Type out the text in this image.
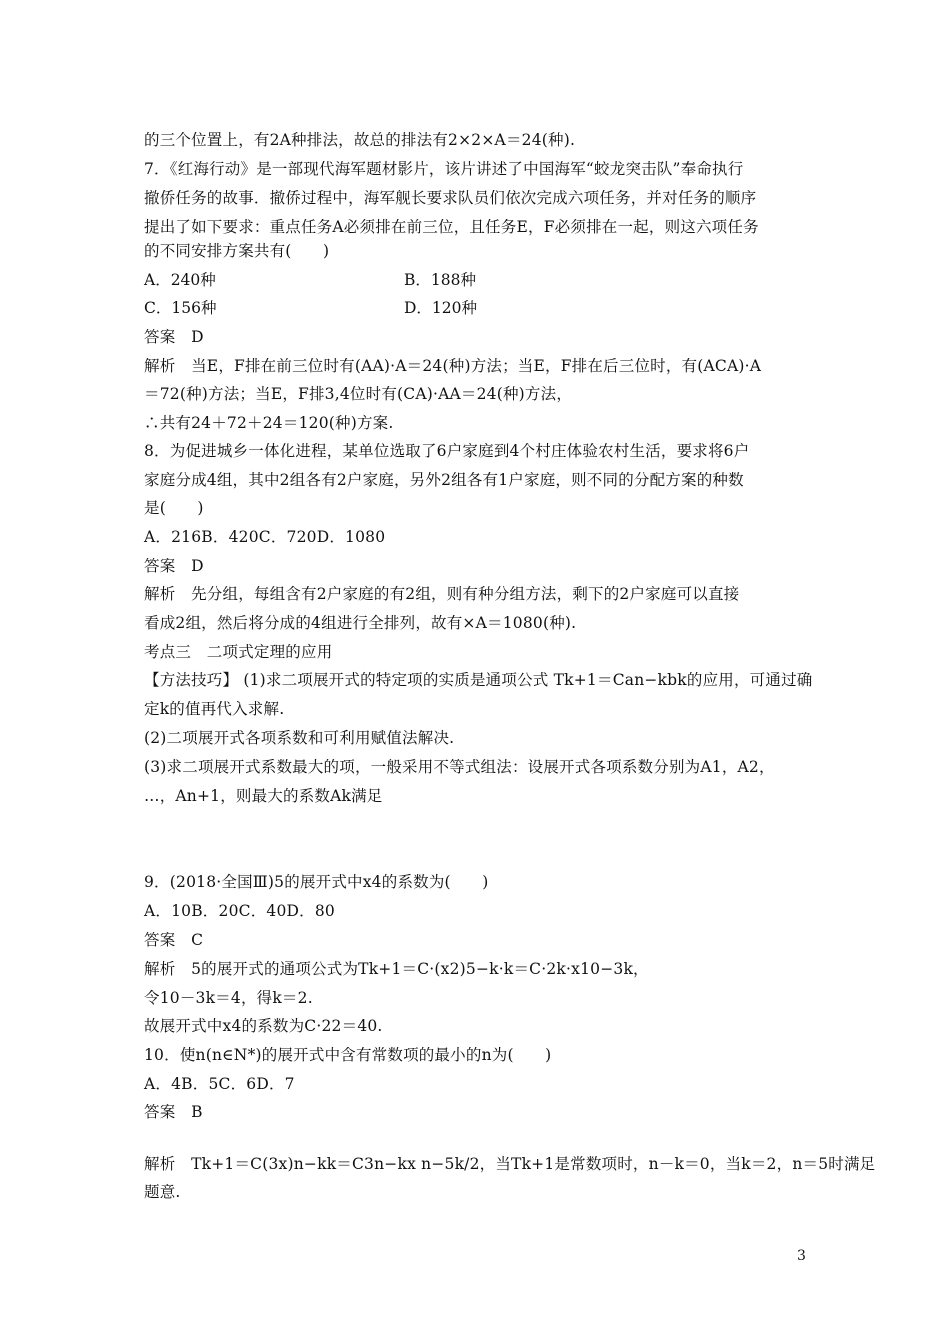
的三个位置上，有2A种排法，故总的排法有2×2×A＝24(种).
7．《红海行动》是一部现代海军题材影片，该片讲述了中国海军“蛟龙突击队”奉命执行
撤侨任务的故事．撤侨过程中，海军舰长要求队员们依次完成六项任务，并对任务的顺序
提出了如下要求：重点任务A必须排在前三位，且任务E，F必须排在一起，则这六项任务
的不同安排方案共有(　　)
A．240种	B．188种
C．156种	D．120种
答案　D
解析　当E，F排在前三位时有(AA)·A＝24(种)方法；当E，F排在后三位时，有(ACA)·A
＝72(种)方法；当E，F排3,4位时有(CA)·AA＝24(种)方法，
∴共有24＋72＋24＝120(种)方案.
8．为促进城乡一体化进程，某单位选取了6户家庭到4个村庄体验农村生活，要求将6户
家庭分成4组，其中2组各有2户家庭，另外2组各有1户家庭，则不同的分配方案的种数
是(　　)
A．216B．420C．720D．1080
答案　D
解析　先分组，每组含有2户家庭的有2组，则有种分组方法，剩下的2户家庭可以直接
看成2组，然后将分成的4组进行全排列，故有×A＝1080(种).
考点三　二项式定理的应用
【方法技巧】 (1)求二项展开式的特定项的实质是通项公式 Tk+1＝Can−kbk的应用，可通过确
定k的值再代入求解.
(2)二项展开式各项系数和可利用赋值法解决.
(3)求二项展开式系数最大的项，一般采用不等式组法：设展开式各项系数分别为A1，A2，
…，An+1，则最大的系数Ak满足
9．(2018·全国Ⅲ)5的展开式中x4的系数为(　　)
A．10B．20C．40D．80
答案　C
解析　5的展开式的通项公式为Tk+1＝C·(x2)5−k·k＝C·2k·x10−3k，
令10－3k＝4，得k＝2.
故展开式中x4的系数为C·22＝40.
10．使n(n∈N*)的展开式中含有常数项的最小的n为(　　)
A．4B．5C．6D．7
答案　B
解析　Tk+1＝C(3x)n−kk＝C3n−kx n−5k/2，当Tk+1是常数项时，n－k＝0，当k＝2，n＝5时满足
题意.
3
